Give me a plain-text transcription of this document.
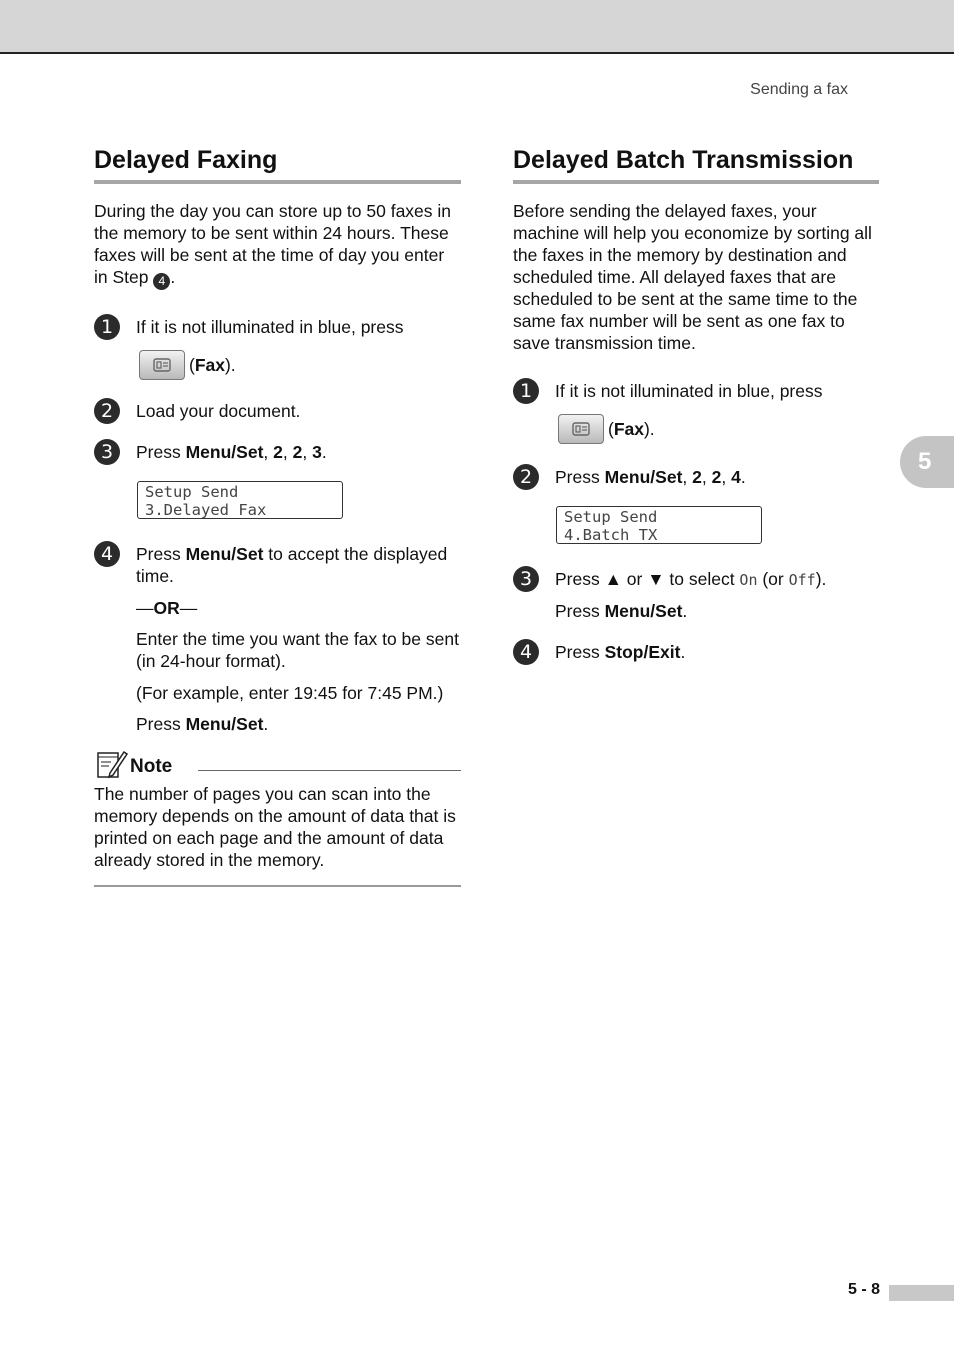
Sending a fax
Delayed Faxing

During the day you can store up to 50 faxes in the memory to be sent within 24 hours. These faxes will be sent at the time of day you enter in Step 4 .

1	If it is not illuminated in blue, press

( Fax ).
2	Load your document.

3	Press Menu/Set, 2, 2, 3.

Setup Send
3.Delayed Fax
4	Press Menu/Set to accept the displayed time.

—OR—

Enter the time you want the fax to be sent (in 24-hour format).

(For example, enter 19:45 for 7:45 PM.)

Press Menu/Set.

Note

The number of pages you can scan into the memory depends on the amount of data that is printed on each page and the amount of data already stored in the memory.

Delayed Batch Transmission

Before sending the delayed faxes, your machine will help you economize by sorting all the faxes in the memory by destination and scheduled time. All delayed faxes that are scheduled to be sent at the same time to the same fax number will be sent as one fax to save transmission time.

1	If it is not illuminated in blue, press

( Fax ).
2	Press Menu/Set, 2, 2, 4.

Setup Send
4.Batch TX
3	Press ▲ or ▼ to select On (or Off).

Press Menu/Set.

4	Press Stop/Exit.

5
5 - 8
